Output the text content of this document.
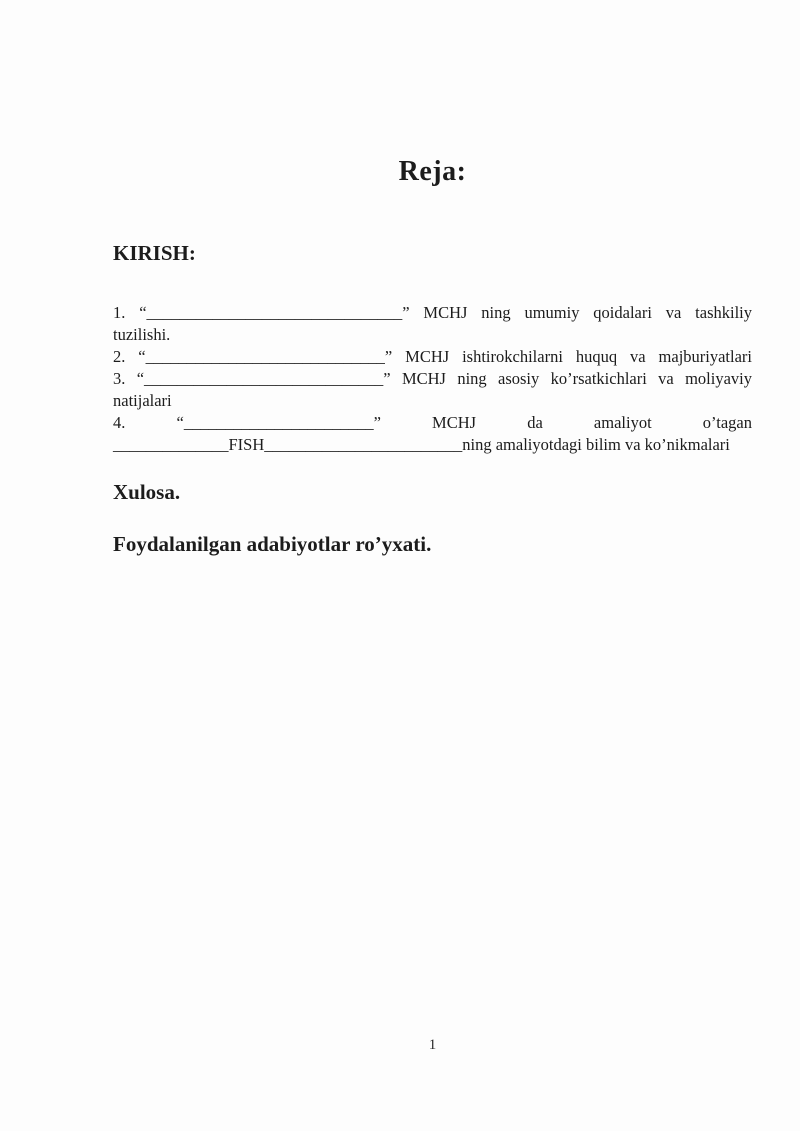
Reja:
KIRISH:
1. “_______________________________” MCHJ ning umumiy qoidalari va tashkiliy
tuzilishi.
2. “_____________________________” MCHJ ishtirokchilarni huquq va majburiyatlari
3. “_____________________________” MCHJ ning asosiy ko’rsatkichlari va moliyaviy
natijalari
4. “_______________________” MCHJ da amaliyot o’tagan
______________FISH________________________ning amaliyotdagi bilim va ko’nikmalari
Xulosa.
Foydalanilgan adabiyotlar ro’yxati.
1
